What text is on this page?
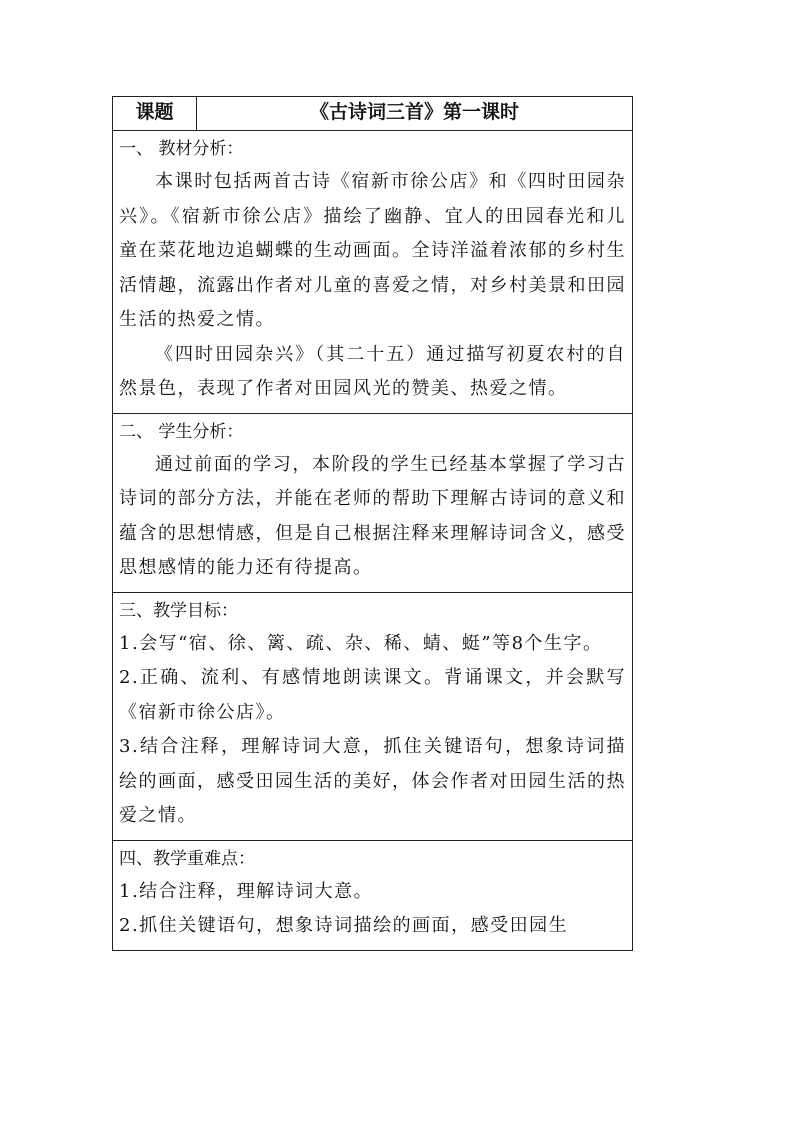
课题	《古诗词三首》第一课时

一、 教材分析：

本课时包括两首古诗《宿新市徐公店》和《四时田园杂兴》。《宿新市徐公店》描绘了幽静、宜人的田园春光和儿童在菜花地边追蝴蝶的生动画面。全诗洋溢着浓郁的乡村生活情趣，流露出作者对儿童的喜爱之情，对乡村美景和田园生活的热爱之情。

《四时田园杂兴》（其二十五）通过描写初夏农村的自然景色，表现了作者对田园风光的赞美、热爱之情。

二、 学生分析：

通过前面的学习，本阶段的学生已经基本掌握了学习古诗词的部分方法，并能在老师的帮助下理解古诗词的意义和蕴含的思想情感，但是自己根据注释来理解诗词含义，感受思想感情的能力还有待提高。

三、教学目标：

1.会写“宿、徐、篱、疏、杂、稀、蜻、蜓”等8个生字。

2.正确、流利、有感情地朗读课文。背诵课文，并会默写《宿新市徐公店》。

3.结合注释，理解诗词大意，抓住关键语句，想象诗词描绘的画面，感受田园生活的美好，体会作者对田园生活的热爱之情。

四、教学重难点：

1.结合注释，理解诗词大意。

2.抓住关键语句，想象诗词描绘的画面，感受田园生
